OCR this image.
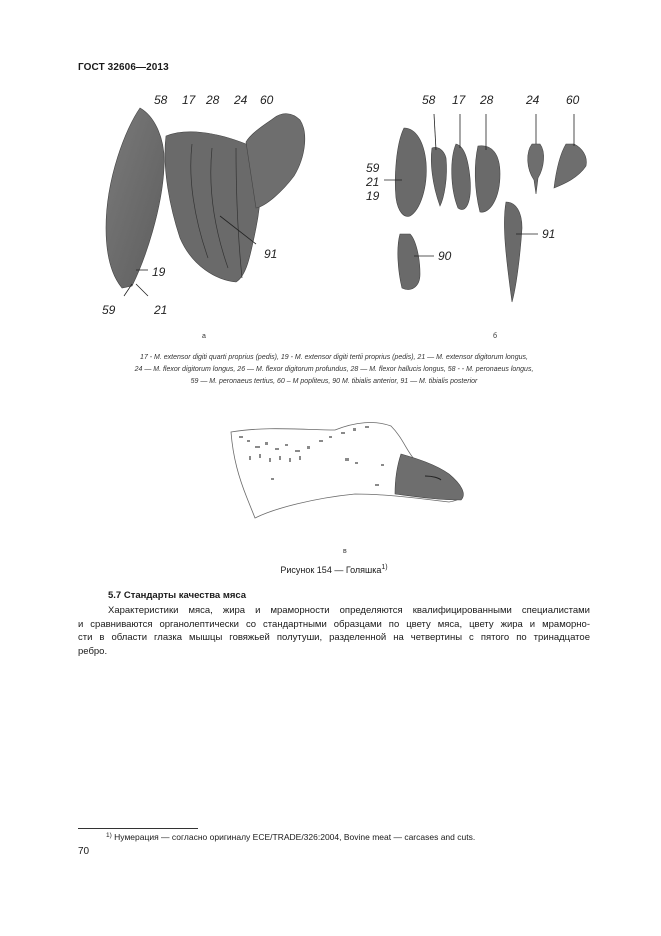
ГОСТ 32606—2013
58 17 28 24 60
91
19
59	21
а
58 17 28	24 60
59
21
19
90
91
б
17 - M. extensor digiti quarti proprius (pedis), 19 - M. extensor digiti tertii proprius (pedis), 21 — M. extensor digitorum longus,
24 — M. flexor digitorum longus, 26 — M. flexor digitorum profundus, 28 — M. flexor hallucis longus, 58 - - M. peronaeus longus,
59 — M. peronaeus tertius, 60 – M popliteus, 90 M. tibialis anterior, 91 — M. tibialis posterior
в
Рисунок 154 — Голяшка$^{1)}$
5.7 Стандарты качества мяса
Характеристики мяса, жира и мраморности определяются квалифицированными специалистами
и сравниваются органолептически со стандартными образцами по цвету мяса, цвету жира и мраморно-
сти в области глазка мышцы говяжьей полутуши, разделенной на четвертины с пятого по тринадцатое
ребро.
$^{1)}$ Нумерация — согласно оригиналу ECE/TRADE/326:2004, Bovine meat — carcases and cuts.
70
